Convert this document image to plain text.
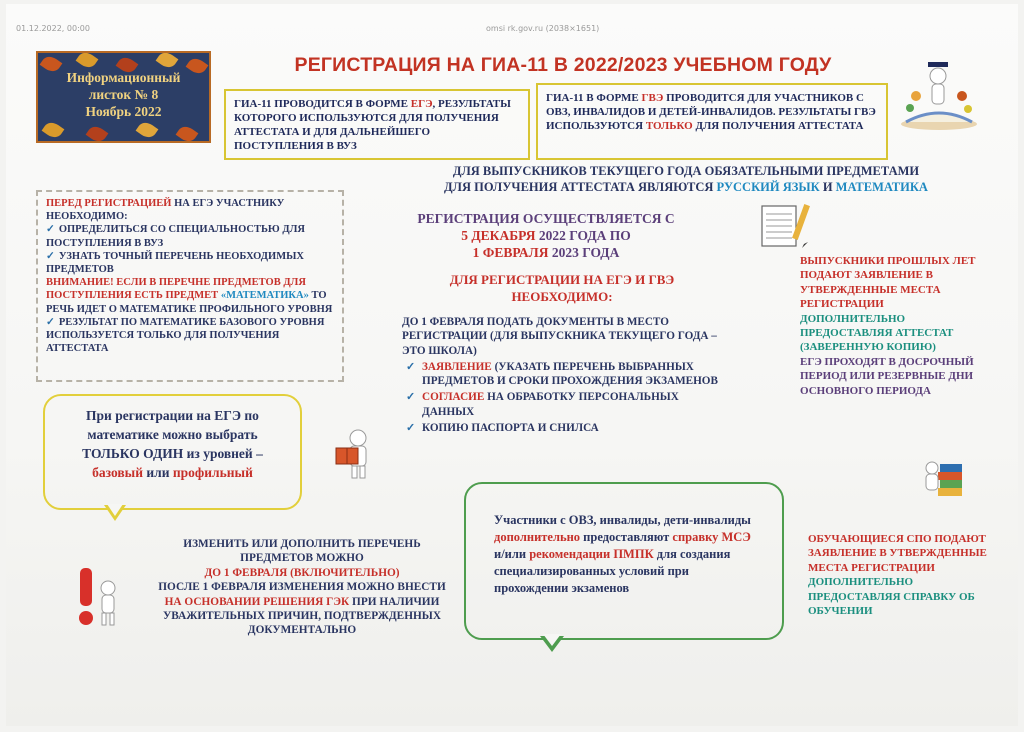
01.12.2022, 00:00	omsi rk.gov.ru (2038×1651)
Информационный
листок № 8
Ноябрь 2022
РЕГИСТРАЦИЯ НА ГИА-11 В 2022/2023 УЧЕБНОМ ГОДУ
ГИА-11 ПРОВОДИТСЯ В ФОРМЕ ЕГЭ, РЕЗУЛЬТАТЫ КОТОРОГО ИСПОЛЬЗУЮТСЯ ДЛЯ ПОЛУЧЕНИЯ АТТЕСТАТА И ДЛЯ ДАЛЬНЕЙШЕГО ПОСТУПЛЕНИЯ В ВУЗ
ГИА-11 В ФОРМЕ ГВЭ ПРОВОДИТСЯ ДЛЯ УЧАСТНИКОВ С ОВЗ, ИНВАЛИДОВ И ДЕТЕЙ-ИНВАЛИДОВ. РЕЗУЛЬТАТЫ ГВЭ ИСПОЛЬЗУЮТСЯ ТОЛЬКО ДЛЯ ПОЛУЧЕНИЯ АТТЕСТАТА
ДЛЯ ВЫПУСКНИКОВ ТЕКУЩЕГО ГОДА ОБЯЗАТЕЛЬНЫМИ ПРЕДМЕТАМИ
ДЛЯ ПОЛУЧЕНИЯ АТТЕСТАТА ЯВЛЯЮТСЯ РУССКИЙ ЯЗЫК И МАТЕМАТИКА
РЕГИСТРАЦИЯ ОСУЩЕСТВЛЯЕТСЯ С
5 ДЕКАБРЯ 2022 ГОДА ПО
1 ФЕВРАЛЯ 2023 ГОДА
ДЛЯ РЕГИСТРАЦИИ НА ЕГЭ И ГВЭ
НЕОБХОДИМО:
ДО 1 ФЕВРАЛЯ ПОДАТЬ ДОКУМЕНТЫ В МЕСТО РЕГИСТРАЦИИ (ДЛЯ ВЫПУСКНИКА ТЕКУЩЕГО ГОДА – ЭТО ШКОЛА)
✓ ЗАЯВЛЕНИЕ (УКАЗАТЬ ПЕРЕЧЕНЬ ВЫБРАННЫХ ПРЕДМЕТОВ И СРОКИ ПРОХОЖДЕНИЯ ЭКЗАМЕНОВ
✓ СОГЛАСИЕ НА ОБРАБОТКУ ПЕРСОНАЛЬНЫХ ДАННЫХ
✓ КОПИЮ ПАСПОРТА И СНИЛСА
ПЕРЕД РЕГИСТРАЦИЕЙ НА ЕГЭ УЧАСТНИКУ НЕОБХОДИМО:
✓ ОПРЕДЕЛИТЬСЯ СО СПЕЦИАЛЬНОСТЬЮ ДЛЯ ПОСТУПЛЕНИЯ В ВУЗ
✓ УЗНАТЬ ТОЧНЫЙ ПЕРЕЧЕНЬ НЕОБХОДИМЫХ ПРЕДМЕТОВ
ВНИМАНИЕ! ЕСЛИ В ПЕРЕЧНЕ ПРЕДМЕТОВ ДЛЯ ПОСТУПЛЕНИЯ ЕСТЬ ПРЕДМЕТ «МАТЕМАТИКА» ТО РЕЧЬ ИДЕТ О МАТЕМАТИКЕ ПРОФИЛЬНОГО УРОВНЯ
✓ РЕЗУЛЬТАТ ПО МАТЕМАТИКЕ БАЗОВОГО УРОВНЯ ИСПОЛЬЗУЕТСЯ ТОЛЬКО ДЛЯ ПОЛУЧЕНИЯ АТТЕСТАТА
При регистрации на ЕГЭ по математике можно выбрать ТОЛЬКО ОДИН из уровней – базовый или профильный
ИЗМЕНИТЬ ИЛИ ДОПОЛНИТЬ ПЕРЕЧЕНЬ ПРЕДМЕТОВ МОЖНО
ДО 1 ФЕВРАЛЯ (ВКЛЮЧИТЕЛЬНО)
ПОСЛЕ 1 ФЕВРАЛЯ ИЗМЕНЕНИЯ МОЖНО ВНЕСТИ НА ОСНОВАНИИ РЕШЕНИЯ ГЭК ПРИ НАЛИЧИИ УВАЖИТЕЛЬНЫХ ПРИЧИН, ПОДТВЕРЖДЕННЫХ ДОКУМЕНТАЛЬНО
Участники с ОВЗ, инвалиды, дети-инвалиды дополнительно предоставляют справку МСЭ и/или рекомендации ПМПК для создания специализированных условий при прохождении экзаменов
ВЫПУСКНИКИ ПРОШЛЫХ ЛЕТ ПОДАЮТ ЗАЯВЛЕНИЕ В УТВЕРЖДЕННЫЕ МЕСТА РЕГИСТРАЦИИ
ДОПОЛНИТЕЛЬНО ПРЕДОСТАВЛЯЯ АТТЕСТАТ (ЗАВЕРЕННУЮ КОПИЮ)
ЕГЭ ПРОХОДЯТ В ДОСРОЧНЫЙ ПЕРИОД ИЛИ РЕЗЕРВНЫЕ ДНИ ОСНОВНОГО ПЕРИОДА
ОБУЧАЮЩИЕСЯ СПО ПОДАЮТ ЗАЯВЛЕНИЕ В УТВЕРЖДЕННЫЕ МЕСТА РЕГИСТРАЦИИ
ДОПОЛНИТЕЛЬНО ПРЕДОСТАВЛЯЯ СПРАВКУ ОБ ОБУЧЕНИИ
